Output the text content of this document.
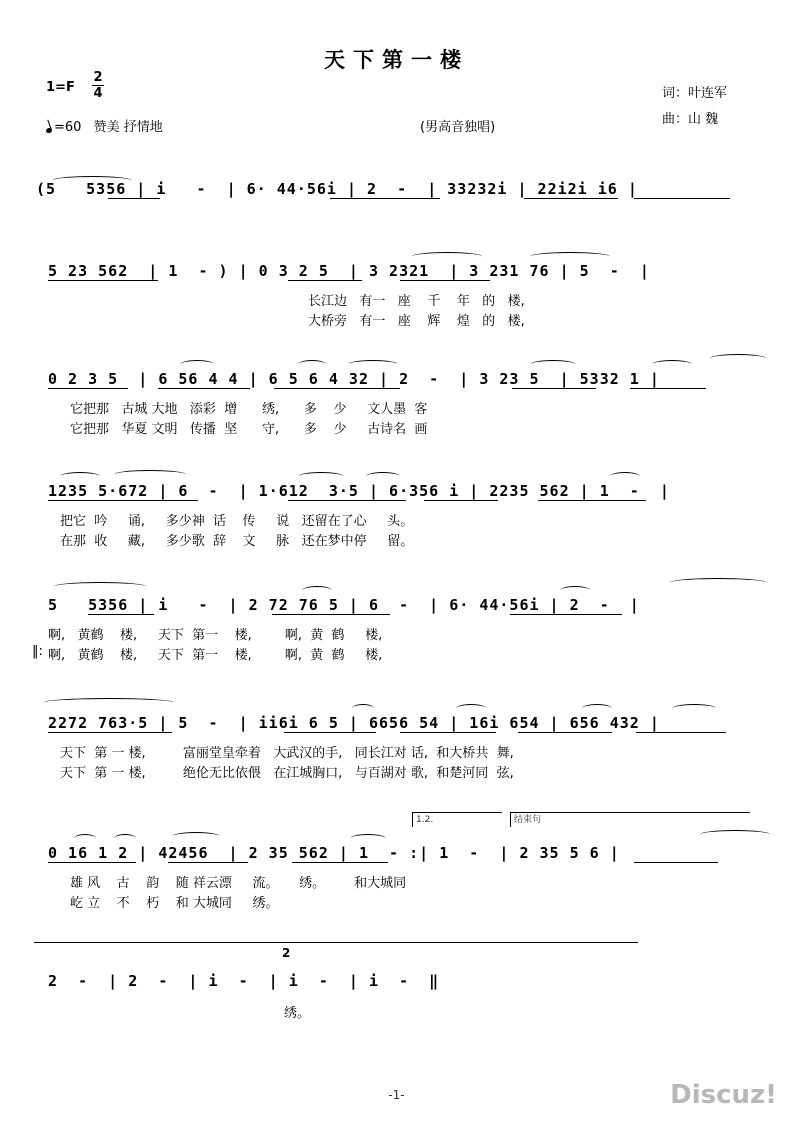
天下第一楼
1=F
2
4
=60 赞美 抒情地	(男高音独唱)
词：叶连军
曲：山 魏
(5   5356 | i   -  | 6· 44·56i | 2  -  | 33232i | 22i2i i6 |
5 23 562  | 1  - ) | 0 3 2 5  | 3 2321  | 3 231 76 | 5  -  |
长江边   有一   座    千    年   的   楼,
大桥旁   有一   座    辉    煌   的   楼,
0 2 3 5  | 6 56 4 4 | 6 5 6 4 32 | 2  -  | 3 23 5  | 5332 1 |
它把那   古城 大地   添彩  增      绣,      多    少     文人墨  客
它把那   华夏 文明   传播  坚      守,      多    少     古诗名  画
1235 5·672 | 6  -  | 1·612  3·5 | 6·356 i | 2235 562 | 1  -  |
把它  吟     诵,     多少神  话    传     说   还留在了心     头。
在那  收     藏,     多少歌  辞    文     脉   还在梦中停     留。
5   5356 | i   -  | 2 72 76 5 | 6  -  | 6· 44·56i | 2  -  |
啊,   黄鹤    楼,     天下  第一    楼,        啊,  黄  鹤     楼,
‖: 啊,   黄鹤    楼,     天下  第一    楼,        啊,  黄  鹤     楼,
2272 763·5 | 5  -  | ii6i 6 5 | 6656 54 | 16i 654 | 656 432 |
天下  第 一 楼,         富丽堂皇牵着   大武汉的手,   同长江对 话,  和大桥共  舞,
天下  第 一 楼,         绝伦无比依偎   在江城胸口,   与百湖对 歌,  和楚河同  弦,
1.2.	结束句
0 16 1 2 | 42456  | 2 35 562 | 1  - :| 1  -  | 2 35 5 6 |
雄 风    古    韵    随 祥云漂     流。     绣。       和大城同
屹 立    不    朽    和 大城同     绣。
2
2  -  | 2  -  | i  -  | i  -  | i  -  ‖
绣。
-1-	Discuz!
